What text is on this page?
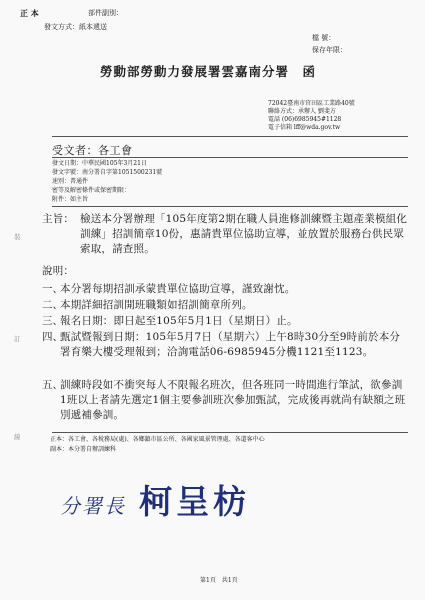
正 本	部件副別：
發文方式：紙本遞送
檔 號：
保存年限：
勞動部勞動力發展署雲嘉南分署　函
72042臺南市官田區工業路40號
聯絡方式：承辦人 劉斐方
電話 (06)6985945#1128
電子信箱 lff@wda.gov.tw
受文者：各工會
發文日期：中華民國105年3月21日
發文字號：南分署自字第1051500231號
速別：普通件
密等及解密條件或保密期限：
附件：如主旨
主旨： 檢送本分署辦理「105年度第2期在職人員進修訓練暨主題產業模組化訓練」招訓簡章10份，惠請貴單位協助宣導，並放置於服務台供民眾索取，請查照。
說明：
一、
本分署每期招訓承蒙貴單位協助宣導，謹致謝忱。
二、
本期詳細招訓開班職類如招訓簡章所列。
三、
報名日期：即日起至105年5月1日（星期日）止。
四、
甄試暨報到日期：105年5月7日（星期六）上午8時30分至9時前於本分署育樂大樓受理報到；洽詢電話06-6985945分機1121至1123。
五、
訓練時段如不衝突每人不限報名班次，但各班同一時間進行筆試，欲參訓1班以上者請先選定1個主要參訓班次參加甄試，完成後再就尚有缺額之班別遞補參訓。
正本：各工會、各稅務局(處)、各鄉鎮市區公所、各國家風景管理處、各道客中心
副本：本分署自辦訓練科
分署長 柯呈枋
裝
訂
線
第1頁　共1頁
